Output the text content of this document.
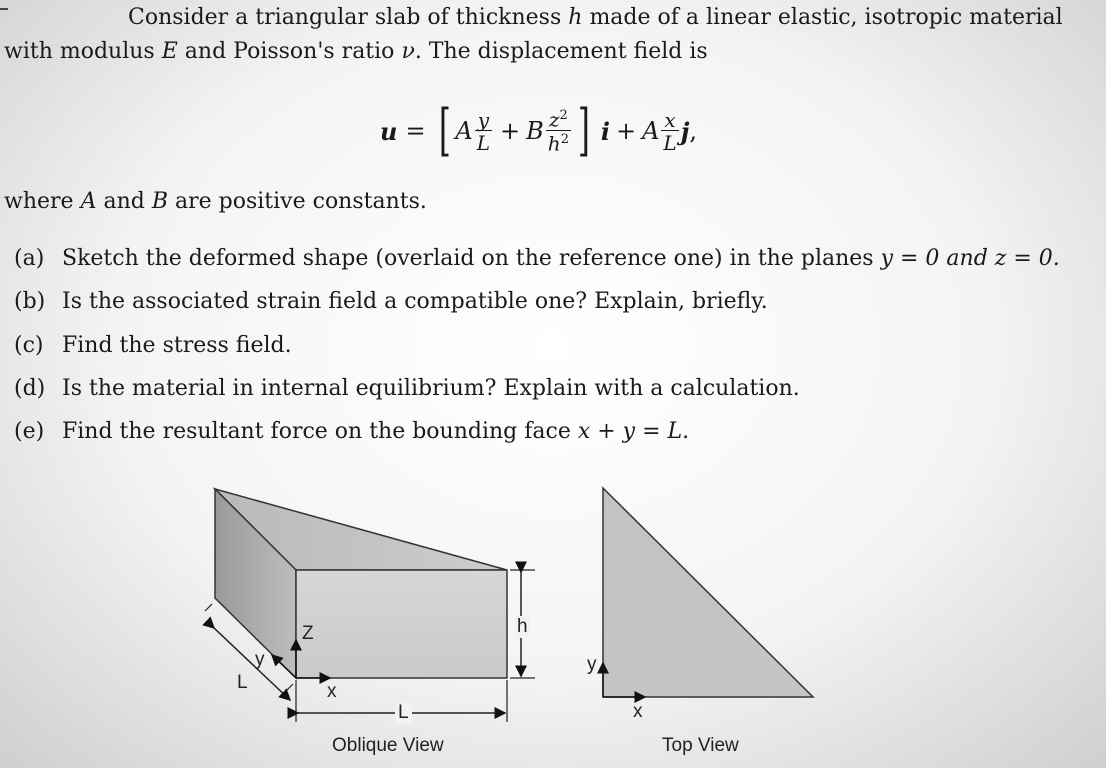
Consider a triangular slab of thickness h made of a linear elastic, isotropic material
with modulus E and Poisson's ratio ν. The displacement field is
u = [ A $\frac{y}{L} + B \frac{z^2}{h^2}$ ] i + A $\frac{x}{L}$ j ,
where A and B are positive constants.
(a) Sketch the deformed shape (overlaid on the reference one) in the planes y = 0 and z = 0.
(b) Is the associated strain field a compatible one? Explain, briefly.
(c) Find the stress field.
(d) Is the material in internal equilibrium? Explain with a calculation.
(e) Find the resultant force on the bounding face x + y = L.
Z
y
x
L
L
h
Oblique View
y
x
Top View
